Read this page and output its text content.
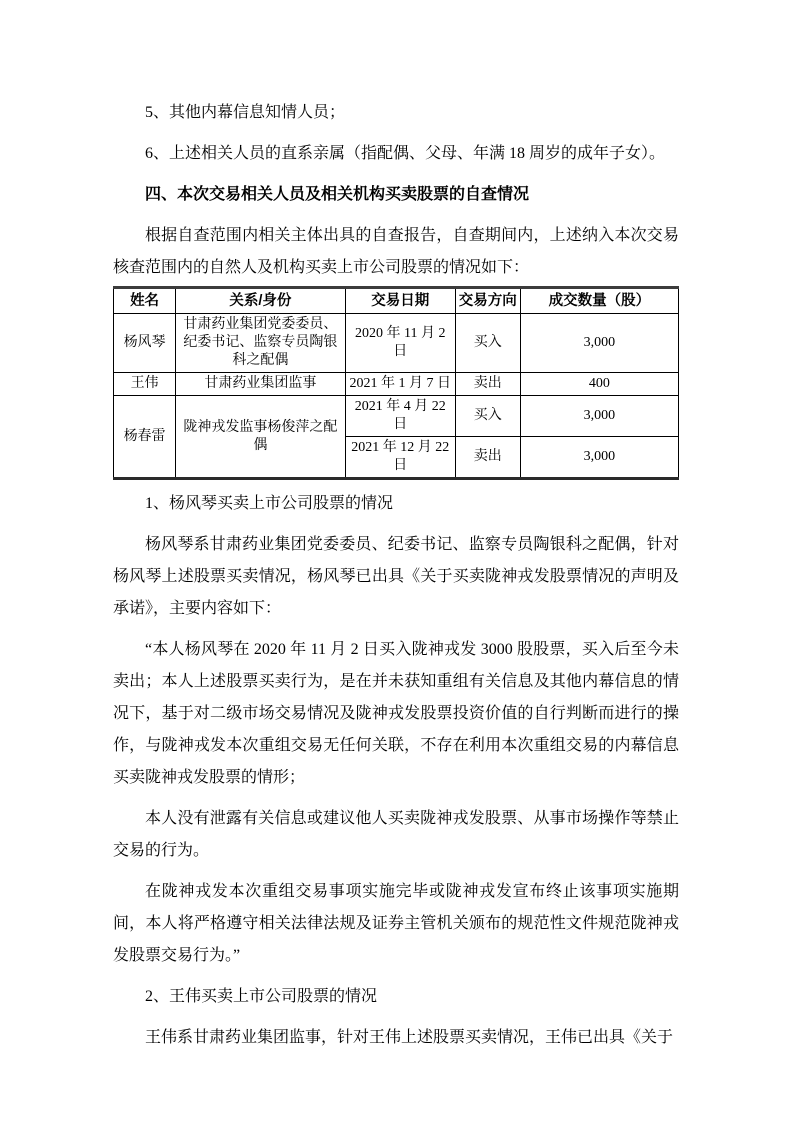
5、其他内幕信息知情人员；

6、上述相关人员的直系亲属（指配偶、父母、年满 18 周岁的成年子女）。

四、本次交易相关人员及相关机构买卖股票的自查情况

根据自查范围内相关主体出具的自查报告，自查期间内，上述纳入本次交易核查范围内的自然人及机构买卖上市公司股票的情况如下：

姓名	关系/身份	交易日期	交易方向	成交数量（股）
杨风琴	甘肃药业集团党委委员、纪委书记、监察专员陶银科之配偶	2020 年 11 月 2 日	买入	3,000
王伟	甘肃药业集团监事	2021 年 1 月 7 日	卖出	400
杨春雷	陇神戎发监事杨俊萍之配偶	2021 年 4 月 22 日	买入	3,000
		2021 年 12 月 22 日	卖出	3,000

1、杨风琴买卖上市公司股票的情况

杨风琴系甘肃药业集团党委委员、纪委书记、监察专员陶银科之配偶，针对杨风琴上述股票买卖情况，杨风琴已出具《关于买卖陇神戎发股票情况的声明及承诺》，主要内容如下：

“本人杨风琴在 2020 年 11 月 2 日买入陇神戎发 3000 股股票，买入后至今未卖出；本人上述股票买卖行为，是在并未获知重组有关信息及其他内幕信息的情况下，基于对二级市场交易情况及陇神戎发股票投资价值的自行判断而进行的操作，与陇神戎发本次重组交易无任何关联，不存在利用本次重组交易的内幕信息买卖陇神戎发股票的情形；

本人没有泄露有关信息或建议他人买卖陇神戎发股票、从事市场操作等禁止交易的行为。

在陇神戎发本次重组交易事项实施完毕或陇神戎发宣布终止该事项实施期间，本人将严格遵守相关法律法规及证券主管机关颁布的规范性文件规范陇神戎发股票交易行为。”

2、王伟买卖上市公司股票的情况

王伟系甘肃药业集团监事，针对王伟上述股票买卖情况，王伟已出具《关于
